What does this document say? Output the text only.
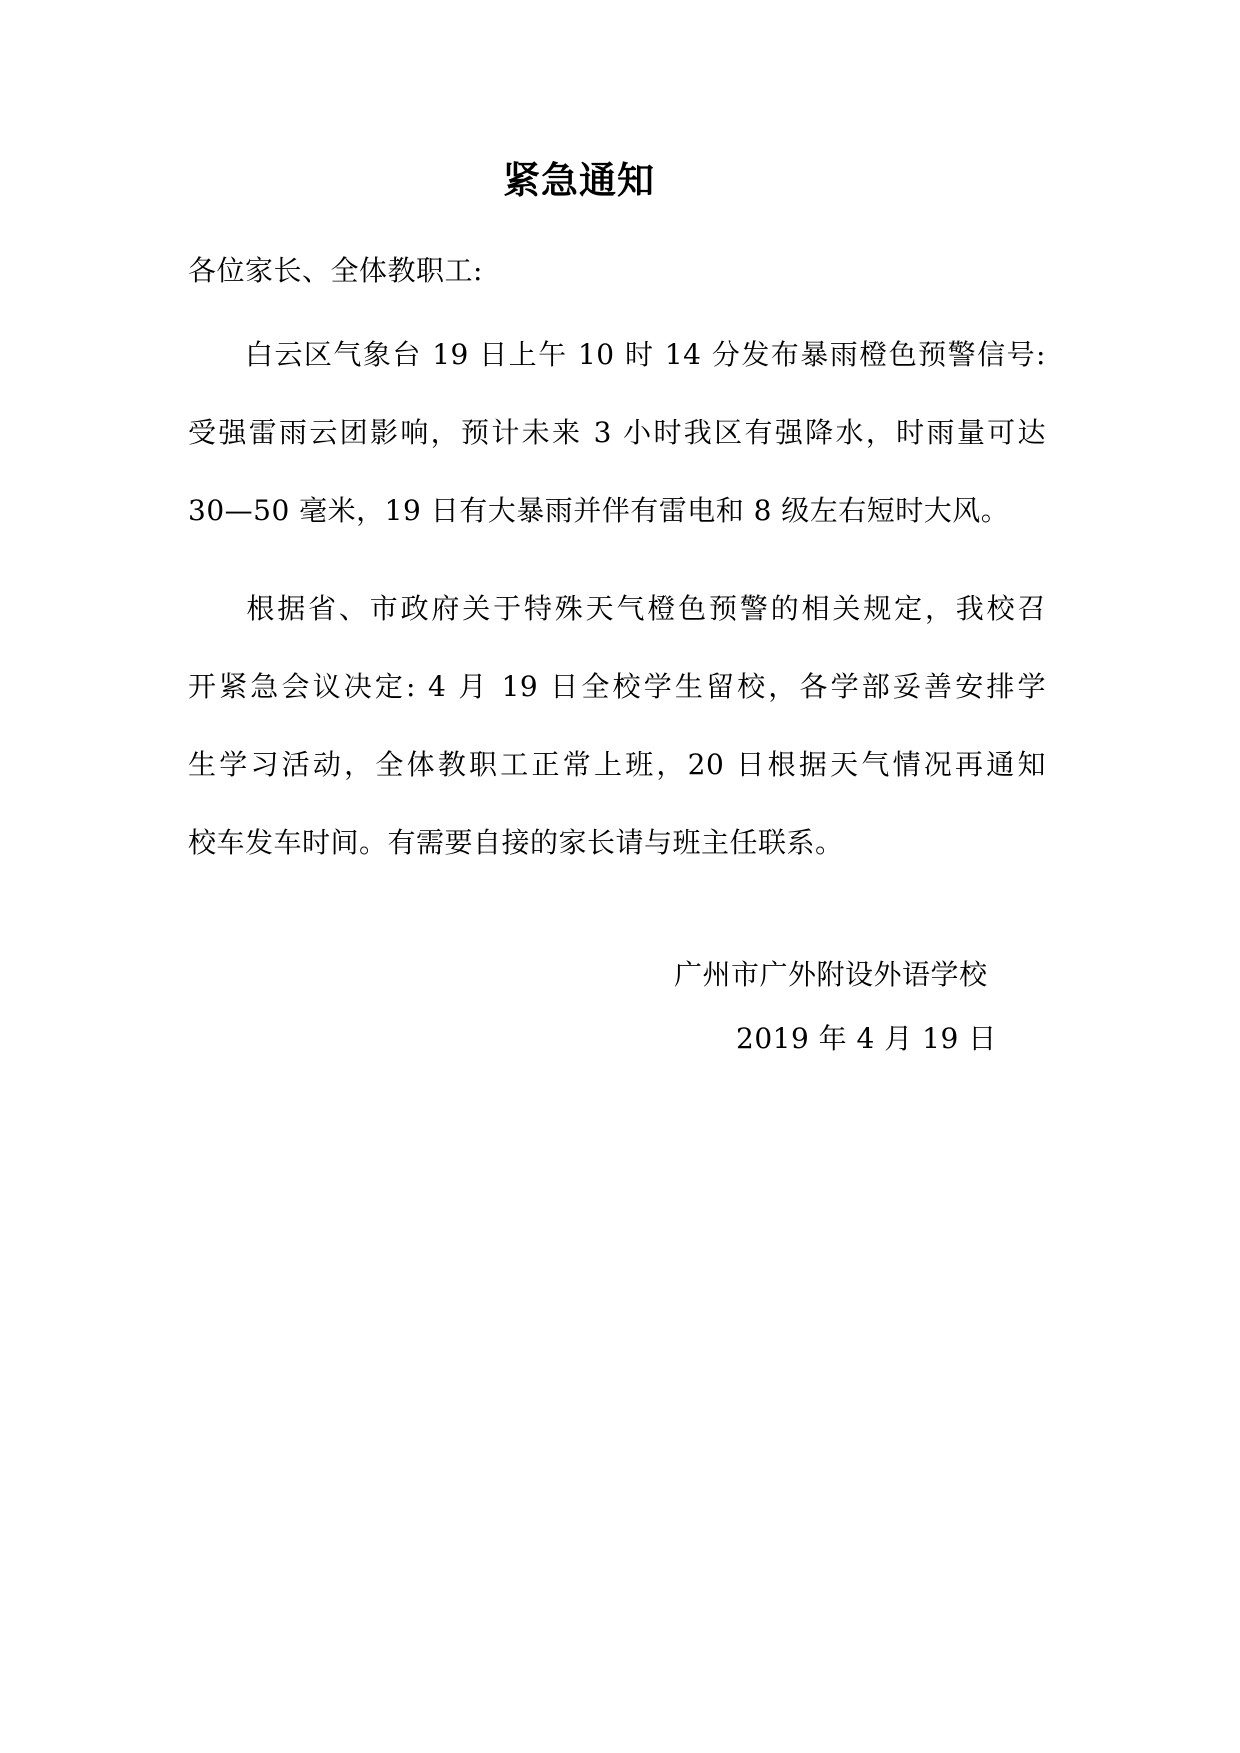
紧急通知
各位家长、全体教职工:
白云区气象台 19 日上午 10 时 14 分发布暴雨橙色预警信号:
受强雷雨云团影响，预计未来 3 小时我区有强降水，时雨量可达
30—50 毫米，19 日有大暴雨并伴有雷电和 8 级左右短时大风。
根据省、市政府关于特殊天气橙色预警的相关规定，我校召
开紧急会议决定: 4 月 19 日全校学生留校，各学部妥善安排学
生学习活动，全体教职工正常上班，20 日根据天气情况再通知
校车发车时间。有需要自接的家长请与班主任联系。
广州市广外附设外语学校
2019 年 4 月 19 日
